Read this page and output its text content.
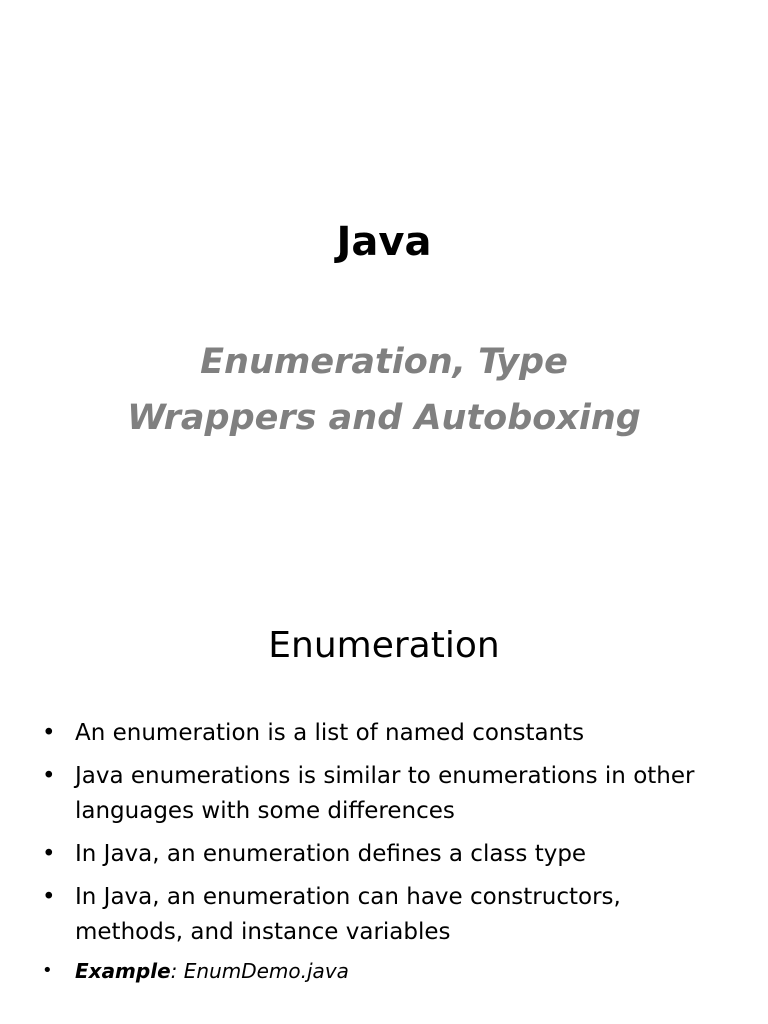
Java
Enumeration, Type
Wrappers and Autoboxing
Enumeration
• An enumeration is a list of named constants
• Java enumerations is similar to enumerations in other languages with some differences
• In Java, an enumeration defines a class type
• In Java, an enumeration can have constructors, methods, and instance variables
•	Example: EnumDemo.java
